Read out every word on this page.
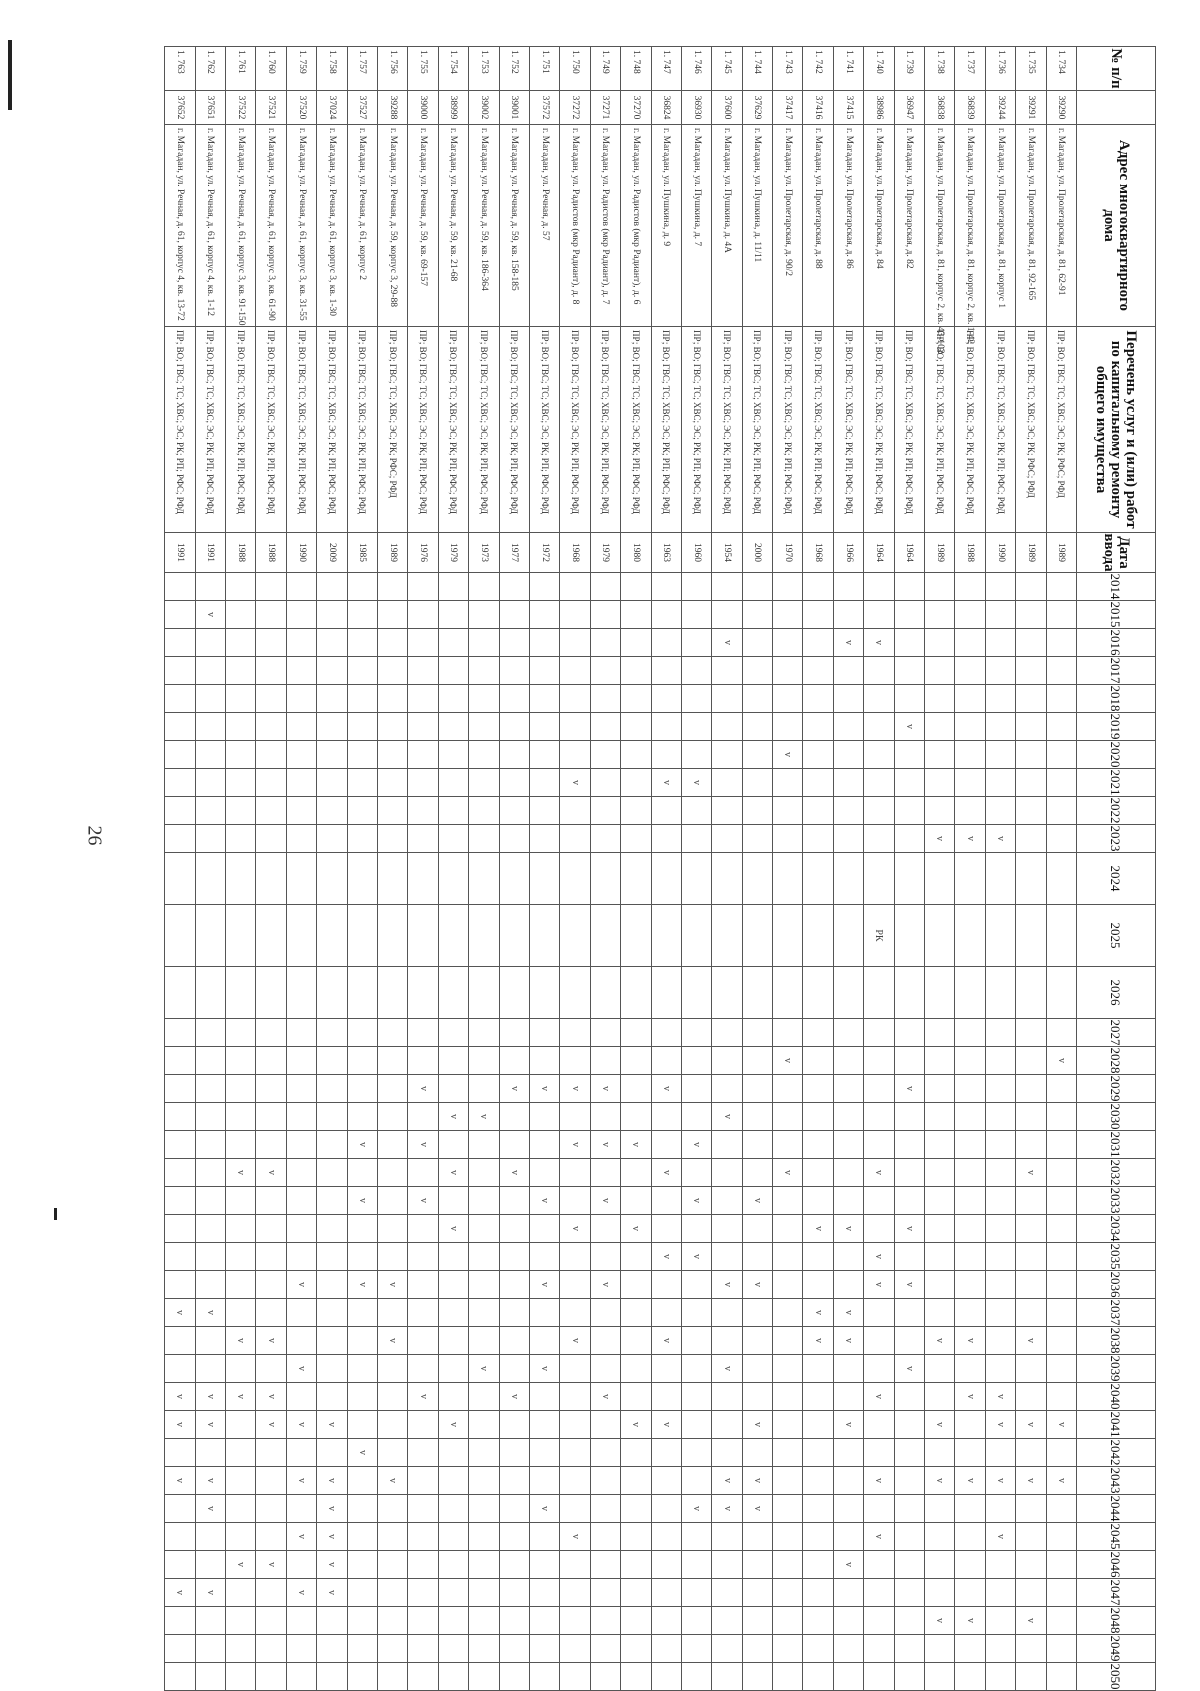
26
№ п/п		Адрес многоквартирного дома	Перечень услуг и (или) работ по капитальному ремонту общего имущества	Дата ввода	2014	2015	2016	2017	2018	2019	2020	2021	2022	2023	2024	2025	2026	2027	2028	2029	2030	2031	2032	2033	2034	2035	2036	2037	2038	2039	2040	2041	2042	2043	2044	2045	2046	2047	2048	2049	2050
1. 734	39290	г. Магадан, ул. Пролетарская, д. 81, 62-91	ПР; ВО; ГВС; ТС; ХВС; ЭС; РК; РФС; РФД	1989															v													v		v							
1. 735	39291	г. Магадан, ул. Пролетарская, д. 81, 92-165	ПР; ВО; ГВС; ТС; ХВС; ЭС; РК; РФС; РФД	1989																			v						v			v		v					v		
1. 736	39244	г. Магадан, ул. Пролетарская, д. 81, корпус 1	ПР; ВО; ГВС; ТС; ХВС; ЭС; РК; РП; РФС; РФД	1990										v																	v	v		v		v					
1. 737	36839	г. Магадан, ул. Пролетарская, д. 81, корпус 2, кв. 1-42	ПР; ВО; ГВС; ТС; ХВС; ЭС; РК; РП; РФС; РФД	1988										v															v		v			v					v		
1. 738	36838	г. Магадан, ул. Пролетарская, д. 81, корпус 2, кв. 43-102	ПР; ВО; ГВС; ТС; ХВС; ЭС; РК; РП; РФС; РФД	1989										v															v			v		v					v		
1. 739	36947	г. Магадан, ул. Пролетарская, д. 82	ПР; ВО; ГВС; ТС; ХВС; ЭС; РК; РП; РФС; РФД	1964						v										v					v		v			v											
1. 740	38986	г. Магадан, ул. Пролетарская, д. 84	ПР; ВО; ГВС; ТС; ХВС; ЭС; РК; РП; РФС; РФД	1964			v									РК							v			v	v				v			v		v					
1. 741	37415	г. Магадан, ул. Пролетарская, д. 86	ПР; ВО; ГВС; ТС; ХВС; ЭС; РК; РП; РФС; РФД	1966			v																		v			v	v			v					v				
1. 742	37416	г. Магадан, ул. Пролетарская, д. 88	ПР; ВО; ГВС; ТС; ХВС; ЭС; РК; РП; РФС; РФД	1968																					v			v	v												
1. 743	37417	г. Магадан, ул. Пролетарская, д. 90/2	ПР; ВО; ГВС; ТС; ХВС; ЭС; РК; РП; РФС; РФД	1970							v								v				v																		
1. 744	37629	г. Магадан, ул. Пушкина, д. 11/11	ПР; ВО; ГВС; ТС; ХВС; ЭС; РК; РП; РФС; РФД	2000																				v			v					v		v	v						
1. 745	37600	г. Магадан, ул. Пушкина, д. 4А	ПР; ВО; ГВС; ТС; ХВС; ЭС; РК; РП; РФС; РФД	1954			v														v						v			v				v	v						
1. 746	36930	г. Магадан, ул. Пушкина, д. 7	ПР; ВО; ГВС; ТС; ХВС; ЭС; РК; РП; РФС; РФД	1960								v										v		v		v									v						
1. 747	36824	г. Магадан, ул. Пушкина, д. 9	ПР; ВО; ГВС; ТС; ХВС; ЭС; РК; РП; РФС; РФД	1963								v								v			v			v			v			v									
1. 748	37270	г. Магадан, ул. Радистов (мкр Радиант), д. 6	ПР; ВО; ГВС; ТС; ХВС; ЭС; РК; РП; РФС; РФД	1980																		v			v							v									
1. 749	37271	г. Магадан, ул. Радистов (мкр Радиант), д. 7	ПР; ВО; ГВС; ТС; ХВС; ЭС; РК; РП; РФС; РФД	1979																v		v		v			v				v										
1. 750	37272	г. Магадан, ул. Радистов (мкр Радиант), д. 8	ПР; ВО; ГВС; ТС; ХВС; ЭС; РК; РП; РФС; РФД	1968								v								v		v			v				v							v					
1. 751	37572	г. Магадан, ул. Речная, д. 57	ПР; ВО; ГВС; ТС; ХВС; ЭС; РК; РП; РФС; РФД	1972																v				v			v			v					v						
1. 752	39001	г. Магадан, ул. Речная, д. 59, кв. 158-185	ПР; ВО; ГВС; ТС; ХВС; ЭС; РК; РП; РФС; РФД	1977																v			v								v										
1. 753	39002	г. Магадан, ул. Речная, д. 59, кв. 186-364	ПР; ВО; ГВС; ТС; ХВС; ЭС; РК; РП; РФС; РФД	1973																	v									v											
1. 754	38999	г. Магадан, ул. Речная, д. 59, кв. 21-68	ПР; ВО; ГВС; ТС; ХВС; ЭС; РК; РП; РФС; РФД	1979																	v		v		v							v									
1. 755	39000	г. Магадан, ул. Речная, д. 59, кв. 69-157	ПР; ВО; ГВС; ТС; ХВС; ЭС; РК; РП; РФС; РФД	1976																v		v		v							v										
1. 756	39288	г. Магадан, ул. Речная, д. 59, корпус 3, 29-88	ПР; ВО; ГВС; ТС; ХВС; ЭС; РК; РФС; РФД	1989																							v		v					v							
1. 757	37527	г. Магадан, ул. Речная, д. 61, корпус 2	ПР; ВО; ГВС; ТС; ХВС; ЭС; РК; РП; РФС; РФД	1985																		v		v			v						v								
1. 758	37024	г. Магадан, ул. Речная, д. 61, корпус 3, кв. 1-30	ПР; ВО; ГВС; ТС; ХВС; ЭС; РК; РП; РФС; РФД	2009																												v		v	v	v	v	v			
1. 759	37520	г. Магадан, ул. Речная, д. 61, корпус 3, кв. 31-55	ПР; ВО; ГВС; ТС; ХВС; ЭС; РК; РП; РФС; РФД	1990																							v			v		v		v		v		v			
1. 760	37521	г. Магадан, ул. Речная, д. 61, корпус 3, кв. 61-90	ПР; ВО; ГВС; ТС; ХВС; ЭС; РК; РП; РФС; РФД	1988																			v						v		v	v					v				
1. 761	37522	г. Магадан, ул. Речная, д. 61, корпус 3, кв. 91-150	ПР; ВО; ГВС; ТС; ХВС; ЭС; РК; РП; РФС; РФД	1988																			v						v		v						v				
1. 762	37651	г. Магадан, ул. Речная, д. 61, корпус 4, кв. 1-12	ПР; ВО; ГВС; ТС; ХВС; ЭС; РК; РП; РФС; РФД	1991		v																						v			v	v		v	v			v			
1. 763	37652	г. Магадан, ул. Речная, д. 61, корпус 4, кв. 13-72	ПР; ВО; ГВС; ТС; ХВС; ЭС; РК; РП; РФС; РФД	1991																								v			v	v		v				v			
